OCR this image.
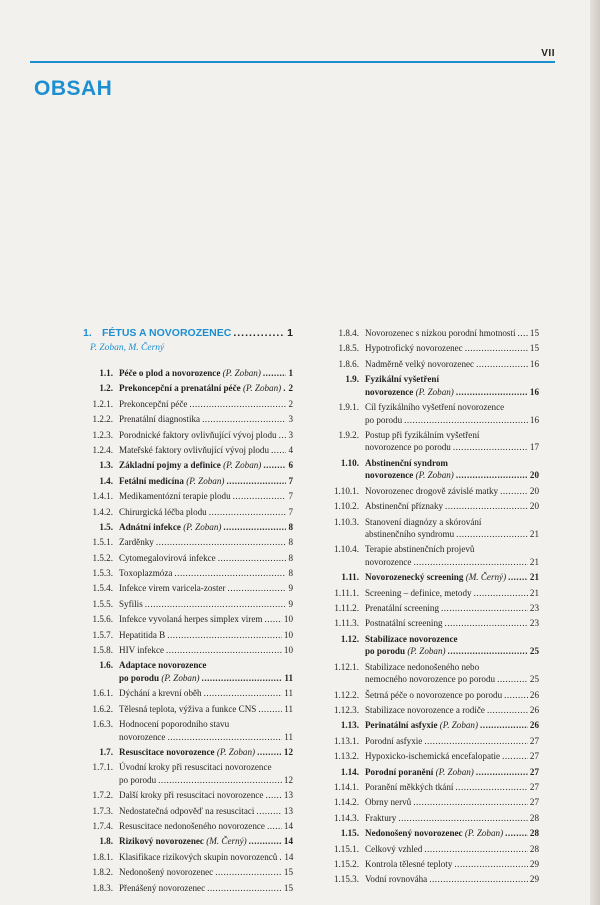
VII
OBSAH
1. FÉTUS A NOVOROZENEC .....	1
P. Zoban, M. Černý
1.1. Péče o plod a novorozence
(P. Zoban) .....	1
1.2. Prekoncepční a prenatální péče
(P. Zoban) ..... 2
1.2.1. Prekoncepční péče .....	2
1.2.2. Prenatální diagnostika .....	3
1.2.3. Porodnické faktory ovlivňující vývoj plodu ..... 3
1.2.4. Mateřské faktory ovlivňující vývoj plodu ..... 4
1.3. Základní pojmy a definice
(P. Zoban) .....	6
1.4. Fetální medicína
(P. Zoban) .....	7
1.4.1. Medikamentózní terapie plodu .....	7
1.4.2. Chirurgická léčba plodu .....	7
1.5. Adnátní infekce
(P. Zoban) .....	8
1.5.1. Zarděnky .....	8
1.5.2. Cytomegalovirová infekce .....	8
1.5.3. Toxoplazmóza .....	8
1.5.4. Infekce virem varicela-zoster .....	9
1.5.5. Syfilis .....	9
1.5.6. Infekce vyvolaná herpes simplex virem ..... 10
1.5.7. Hepatitida B .....	10
1.5.8. HIV infekce .....	10
1.6. Adaptace novorozence
po porodu
(P. Zoban) .....	11
1.6.1. Dýchání a krevní oběh .....	11
1.6.2. Tělesná teplota, výživa a funkce CNS .....	11
1.6.3. Hodnocení poporodního stavu
novorozence .....	11
1.7. Resuscitace novorozence
(P. Zoban) .....	12
1.7.1. Úvodní kroky při resuscitaci novorozence
po porodu .....	12
1.7.2. Další kroky při resuscitaci novorozence ..... 13
1.7.3. Nedostatečná odpověď na resuscitaci .....	13
1.7.4. Resuscitace nedonošeného novorozence ..... 14
1.8. Rizikový novorozenec
(M. Černý) .....	14
1.8.1. Klasifikace rizikových skupin novorozenců ..... 14
1.8.2. Nedonošený novorozenec .....	15
1.8.3. Přenášený novorozenec .....	15
1.8.4. Novorozenec s nízkou porodní hmotností ..... 15
1.8.5. Hypotrofický novorozenec .....	15
1.8.6. Nadměrně velký novorozenec .....	16
1.9. Fyzikální vyšetření
novorozence
(P. Zoban) .....	16
1.9.1. Cíl fyzikálního vyšetření novorozence
po porodu .....	16
1.9.2. Postup při fyzikálním vyšetření
novorozence po porodu .....	17
1.10. Abstinenční syndrom
novorozence
(P. Zoban) .....	20
1.10.1. Novorozenec drogově závislé matky .....	20
1.10.2. Abstinenční příznaky .....	20
1.10.3. Stanovení diagnózy a skórování
abstinenčního syndromu .....	21
1.10.4. Terapie abstinenčních projevů
novorozence .....	21
1.11. Novorozenecký screening
(M. Černý) .....	21
1.11.1. Screening – definice, metody .....	21
1.11.2. Prenatální screening .....	23
1.11.3. Postnatální screening .....	23
1.12. Stabilizace novorozence
po porodu
(P. Zoban) .....	25
1.12.1. Stabilizace nedonošeného nebo
nemocného novorozence po porodu .....	25
1.12.2. Šetrná péče o novorozence po porodu .....	26
1.12.3. Stabilizace novorozence a rodiče .....	26
1.13. Perinatální asfyxie
(P. Zoban) .....	26
1.13.1. Porodní asfyxie .....	27
1.13.2. Hypoxicko-ischemická encefalopatie .....	27
1.14. Porodní poranění
(P. Zoban) .....	27
1.14.1. Poranění měkkých tkání .....	27
1.14.2. Obrny nervů .....	27
1.14.3. Fraktury .....	28
1.15. Nedonošený novorozenec
(P. Zoban) .....	28
1.15.1. Celkový vzhled .....	28
1.15.2. Kontrola tělesné teploty .....	29
1.15.3. Vodní rovnováha .....	29
